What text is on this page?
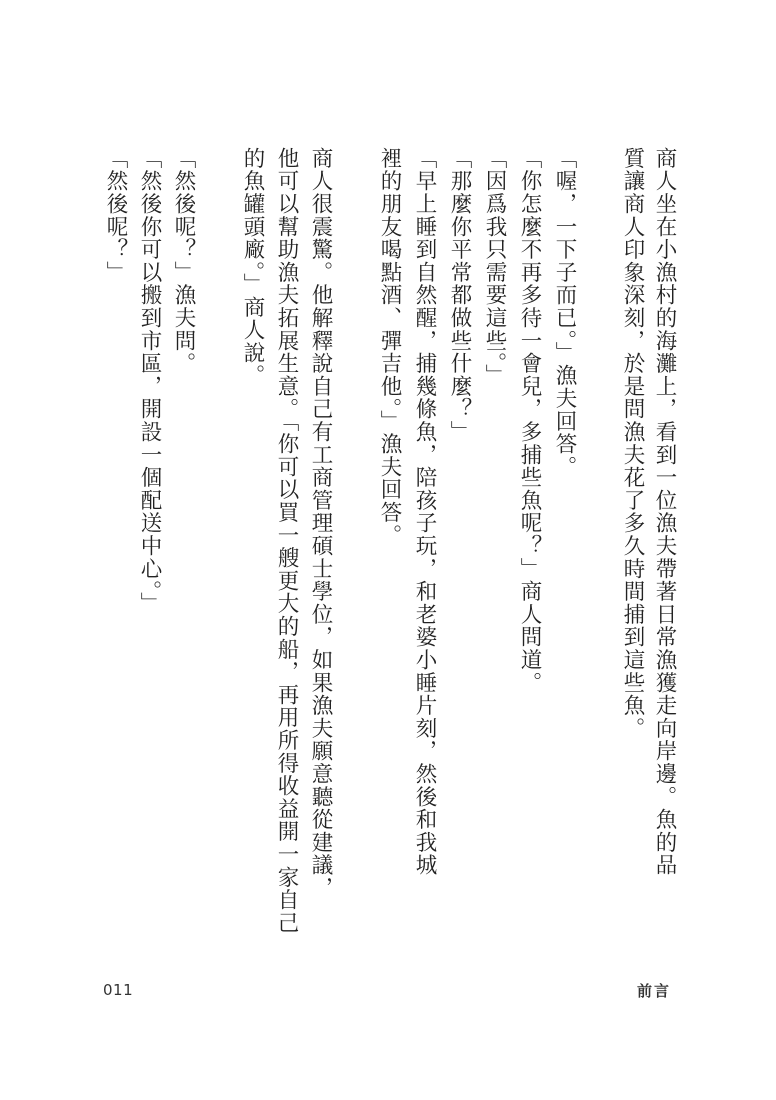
商人坐在小漁村的海灘上，看到一位漁夫帶著日常漁獲走向岸邊。魚的品
質讓商人印象深刻，於是問漁夫花了多久時間捕到這些魚。
「喔，一下子而已。」漁夫回答。
「你怎麼不再多待一會兒，多捕些魚呢？」商人問道。
「因爲我只需要這些。」
「那麼你平常都做些什麼？」
「早上睡到自然醒，捕幾條魚，陪孩子玩，和老婆小睡片刻，然後和我城
裡的朋友喝點酒、彈吉他。」漁夫回答。
商人很震驚。他解釋說自己有工商管理碩士學位，如果漁夫願意聽從建議，
他可以幫助漁夫拓展生意。「你可以買一艘更大的船，再用所得收益開一家自己
的魚罐頭廠。」商人說。
「然後呢？」漁夫問。
「然後你可以搬到市區，開設一個配送中心。」
「然後呢？」
011	前言
